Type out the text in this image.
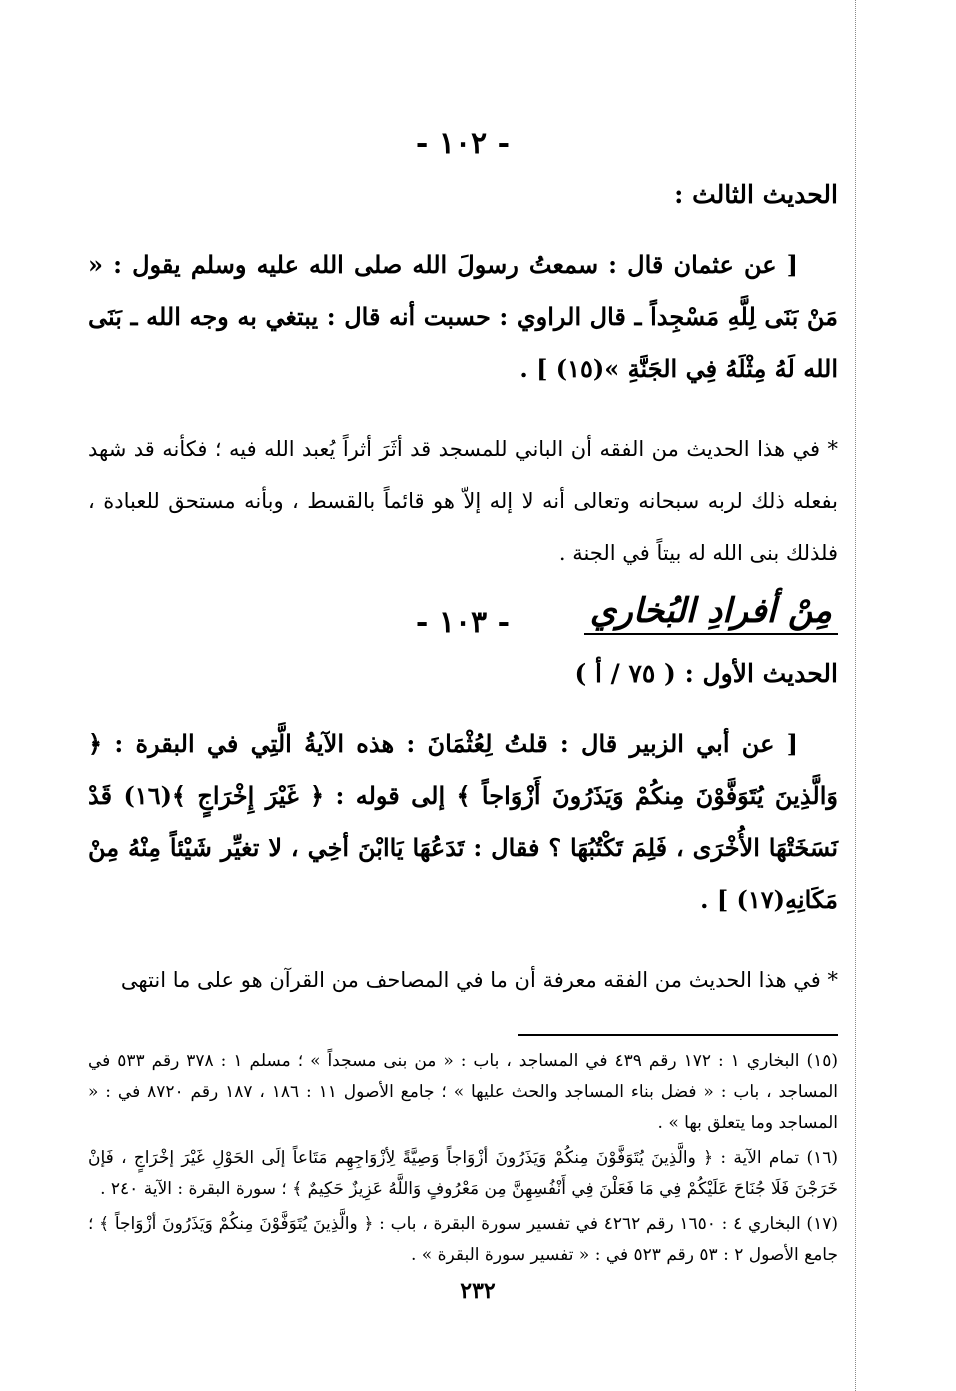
- ١٠٢ -
الحديث الثالث :

[ عن عثمان قال : سمعتُ رسولَ الله صلى الله عليه وسلم يقول : « مَنْ بَنَى لِلَّهِ مَسْجِداً ـ قال الراوي : حسبت أنه قال : يبتغي به وجه الله ـ بَنَى الله لَهُ مِثْلَهُ فِي الجَنَّةِ »(١٥) ] .

* في هذا الحديث من الفقه أن الباني للمسجد قد أثَرَ أثراً يُعبد الله فيه ؛ فكأنه قد شهد بفعله ذلك لربه سبحانه وتعالى أنه لا إله إلاّ هو قائماً بالقسط ، وبأنه مستحق للعبادة ، فلذلك بنى الله له بيتاً في الجنة .

مِنْ أفرادِ البُخاري
- ١٠٣ -
الحديث الأول : ( ٧٥ / أ )

[ عن أبي الزبير قال : قلتُ لِعُثْمَانَ : هذه الآيةُ الَّتِي في البقرة : ﴿ وَالَّذِينَ يُتَوَفَّوْنَ مِنكُمْ وَيَذَرُونَ أَزْوَاجاً ﴾ إلى قوله : ﴿ غَيْرَ إِخْرَاجٍ ﴾(١٦) قَدْ نَسَخَتْهَا الأُخْرَى ، فَلِمَ تَكْتُبُهَا ؟ فقال : تَدَعُهَا يَاابْنَ أخِي ، لا تغيِّر شَيْئاً مِنْهُ مِنْ مَكَانِهِ(١٧) ] .

* في هذا الحديث من الفقه معرفة أن ما في المصاحف من القرآن هو على ما انتهى

(١٥) البخاري ١ : ١٧٢ رقم ٤٣٩ في المساجد ، باب : « من بنى مسجداً » ؛ مسلم ١ : ٣٧٨ رقم ٥٣٣ في المساجد ، باب : « فضل بناء المساجد والحث عليها » ؛ جامع الأصول ١١ : ١٨٦ ، ١٨٧ رقم ٨٧٢٠ في : « المساجد وما يتعلق بها » .

(١٦) تمام الآية : ﴿ والَّذِينَ يُتَوَفَّوْنَ مِنكُمْ وَيَذَرُونَ أزْوَاجاً وَصِيَّةً لِأزْوَاجِهِم مَتَاعاً إلَى الحَوْلِ غَيْرَ إخْرَاجٍ ، فَإنْ خَرَجْنَ فَلَا جُنَاحَ عَلَيْكُمْ فِي مَا فَعَلْنَ فِي أَنْفُسِهِنَّ مِن مَعْرُوفٍ وَاللَّهُ عَزِيزٌ حَكِيمٌ ﴾ ؛ سورة البقرة : الآية ٢٤٠ .

(١٧) البخاري ٤ : ١٦٥٠ رقم ٤٢٦٢ في تفسير سورة البقرة ، باب : ﴿ والَّذِينَ يُتَوَفَّوْنَ مِنكُمْ وَيَذَرُونَ أزْوَاجاً ﴾ ؛ جامع الأصول ٢ : ٥٣ رقم ٥٢٣ في : « تفسير سورة البقرة » .

٢٣٢
